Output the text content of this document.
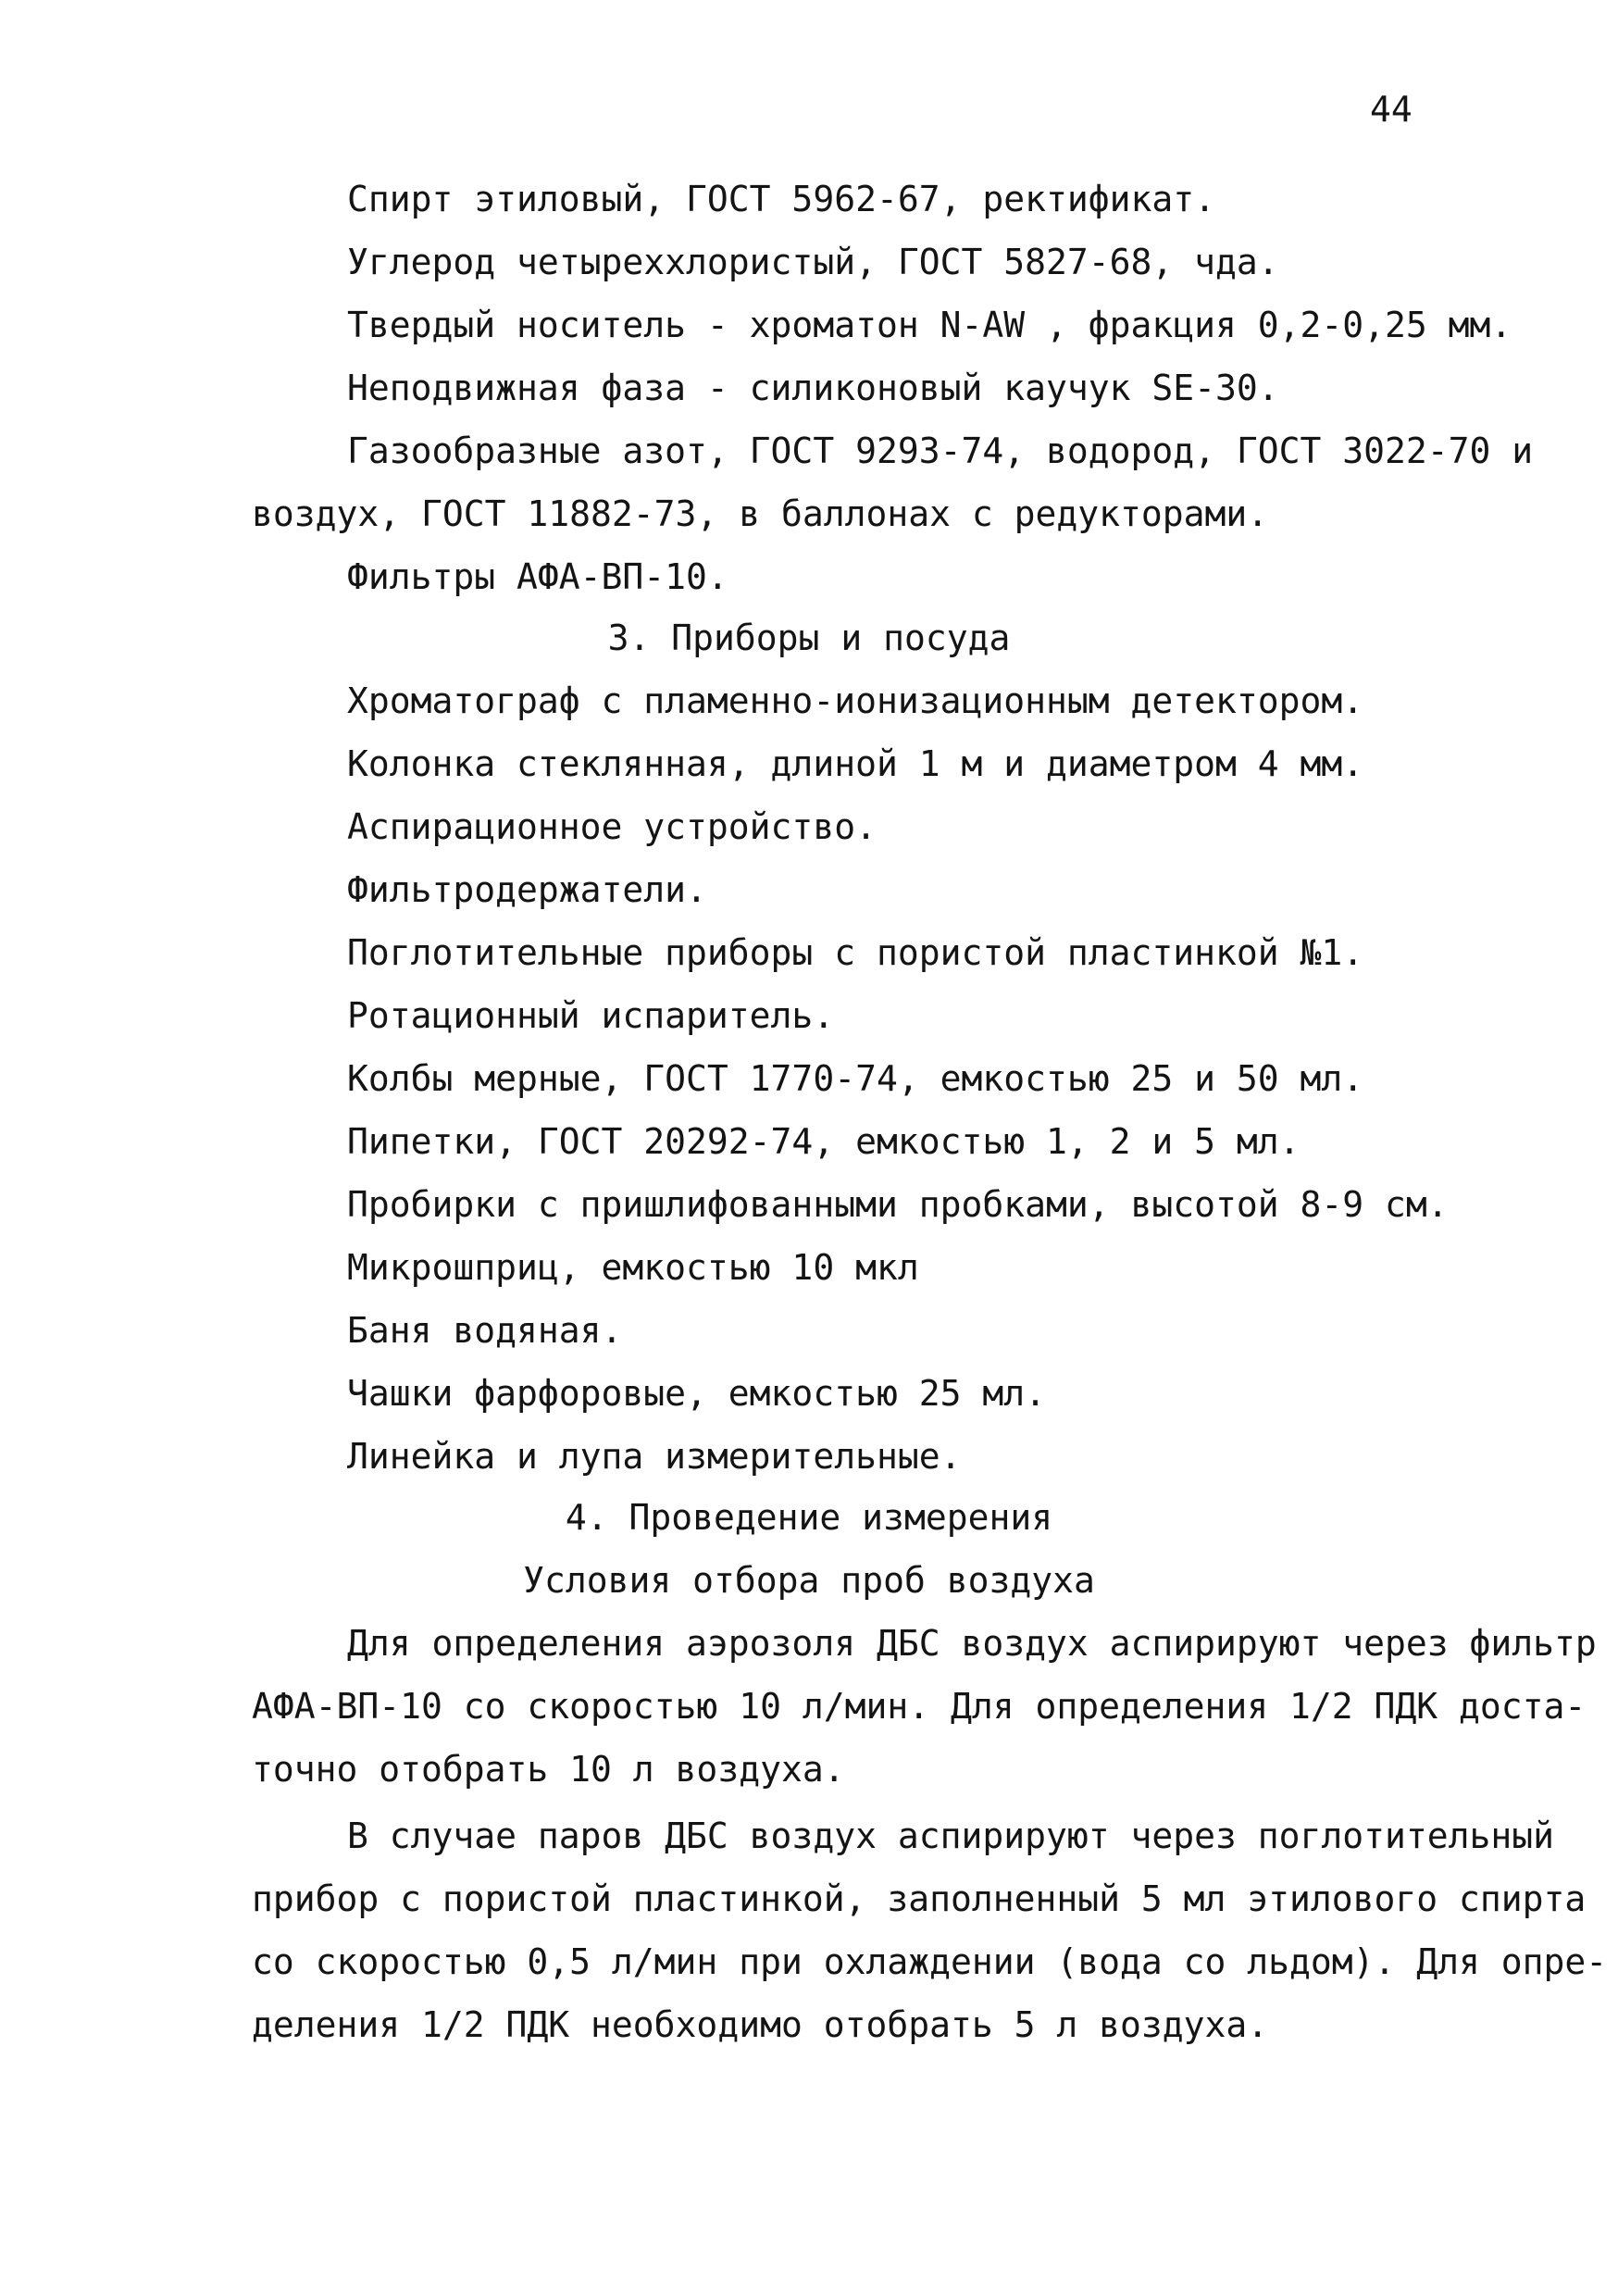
44
Спирт этиловый, ГОСТ 5962-67, ректификат.
Углерод четыреххлористый, ГОСТ 5827-68, чда.
Твердый носитель - хроматон N-AW , фракция 0,2-0,25 мм.
Неподвижная фаза - силиконовый каучук SE-30.
Газообразные азот, ГОСТ 9293-74, водород, ГОСТ 3022-70 и
воздух, ГОСТ 11882-73, в баллонах с редукторами.
Фильтры АФА-ВП-10.
3. Приборы и посуда
Хроматограф с пламенно-ионизационным детектором.
Колонка стеклянная, длиной 1 м и диаметром 4 мм.
Аспирационное устройство.
Фильтродержатели.
Поглотительные приборы с пористой пластинкой №1.
Ротационный испаритель.
Колбы мерные, ГОСТ 1770-74, емкостью 25 и 50 мл.
Пипетки, ГОСТ 20292-74, емкостью 1, 2 и 5 мл.
Пробирки с пришлифованными пробками, высотой 8-9 см.
Микрошприц, емкостью 10 мкл
Баня водяная.
Чашки фарфоровые, емкостью 25 мл.
Линейка и лупа измерительные.
4. Проведение измерения
Условия отбора проб воздуха
Для определения аэрозоля ДБС воздух аспирируют через фильтр
АФА-ВП-10 со скоростью 10 л/мин. Для определения 1/2 ПДК доста-
точно отобрать 10 л воздуха.
В случае паров ДБС воздух аспирируют через поглотительный
прибор с пористой пластинкой, заполненный 5 мл этилового спирта
со скоростью 0,5 л/мин при охлаждении (вода со льдом). Для опре-
деления 1/2 ПДК необходимо отобрать 5 л воздуха.
